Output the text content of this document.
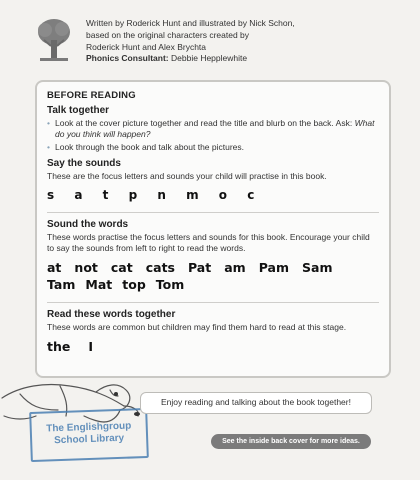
Written by Roderick Hunt and illustrated by Nick Schon,
based on the original characters created by
Roderick Hunt and Alex Brychta
Phonics Consultant: Debbie Hepplewhite
BEFORE READING
Talk together
• Look at the cover picture together and read the title and blurb on the back. Ask: What do you think will happen?
• Look through the book and talk about the pictures.
Say the sounds
These are the focus letters and sounds your child will practise in this book.
s a t p n m o c
Sound the words
These words practise the focus letters and sounds for this book. Encourage your child to say the sounds from left to right to read the words.
at not cat cats Pat am Pam Sam
Tam Mat top Tom
Read these words together
These words are common but children may find them hard to read at this stage.
the I
The Englishgroup
School Library
Enjoy reading and talking about the book together!
See the inside back cover for more ideas.
